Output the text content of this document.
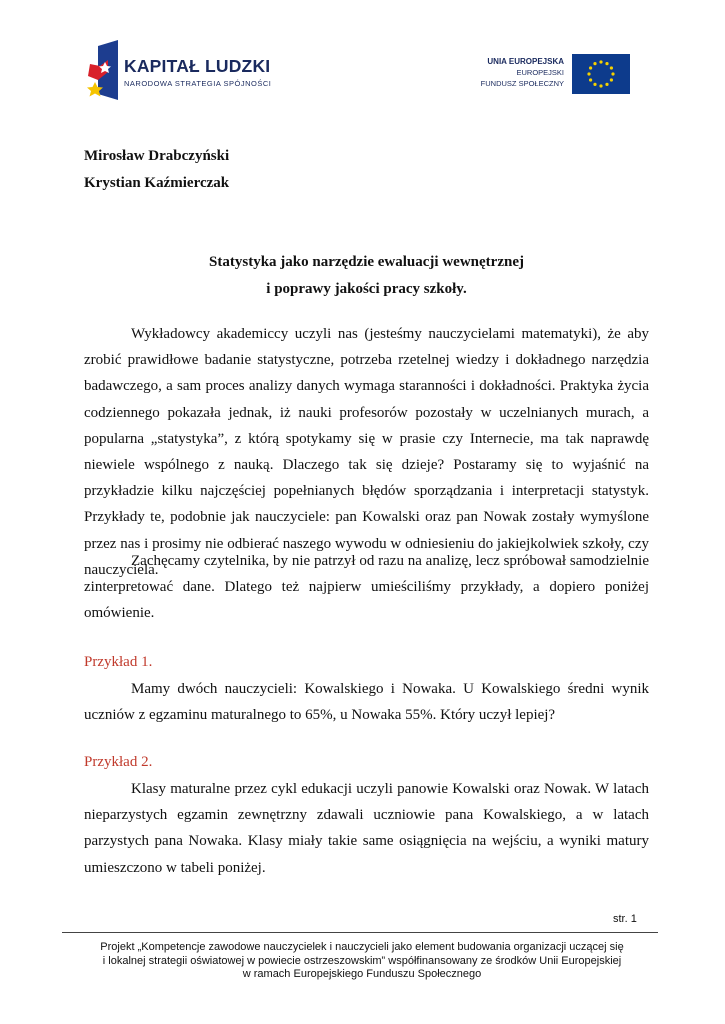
KAPITAŁ LUDZKI
NARODOWA STRATEGIA SPÓJNOŚCI
UNIA EUROPEJSKA
EUROPEJSKI
FUNDUSZ SPOŁECZNY
Mirosław Drabczyński
Krystian Kaźmierczak
Statystyka jako narzędzie ewaluacji wewnętrznej
i poprawy jakości pracy szkoły.

Wykładowcy akademiccy uczyli nas (jesteśmy nauczycielami matematyki), że aby zrobić prawidłowe badanie statystyczne, potrzeba rzetelnej wiedzy i dokładnego narzędzia badawczego, a sam proces analizy danych wymaga staranności i dokładności. Praktyka życia codziennego pokazała jednak, iż nauki profesorów pozostały w uczelnianych murach, a popularna „statystyka”, z którą spotykamy się w prasie czy Internecie, ma tak naprawdę niewiele wspólnego z nauką. Dlaczego tak się dzieje? Postaramy się to wyjaśnić na przykładzie kilku najczęściej popełnianych błędów sporządzania i interpretacji statystyk. Przykłady te, podobnie jak nauczyciele: pan Kowalski oraz pan Nowak zostały wymyślone przez nas i prosimy nie odbierać naszego wywodu w odniesieniu do jakiejkolwiek szkoły, czy nauczyciela.

Zachęcamy czytelnika, by nie patrzył od razu na analizę, lecz spróbował samodzielnie zinterpretować dane. Dlatego też najpierw umieściliśmy przykłady, a dopiero poniżej omówienie.

Przykład 1.

Mamy dwóch nauczycieli: Kowalskiego i Nowaka. U Kowalskiego średni wynik uczniów z egzaminu maturalnego to 65%, u Nowaka 55%. Który uczył lepiej?

Przykład 2.

Klasy maturalne przez cykl edukacji uczyli panowie Kowalski oraz Nowak. W latach nieparzystych egzamin zewnętrzny zdawali uczniowie pana Kowalskiego, a w latach parzystych pana Nowaka. Klasy miały takie same osiągnięcia na wejściu, a wyniki matury umieszczono w tabeli poniżej.

str. 1
Projekt „Kompetencje zawodowe nauczycielek i nauczycieli jako element budowania organizacji uczącej się
i lokalnej strategii oświatowej w powiecie ostrzeszowskim” współfinansowany ze środków Unii Europejskiej
w ramach Europejskiego Funduszu Społecznego
